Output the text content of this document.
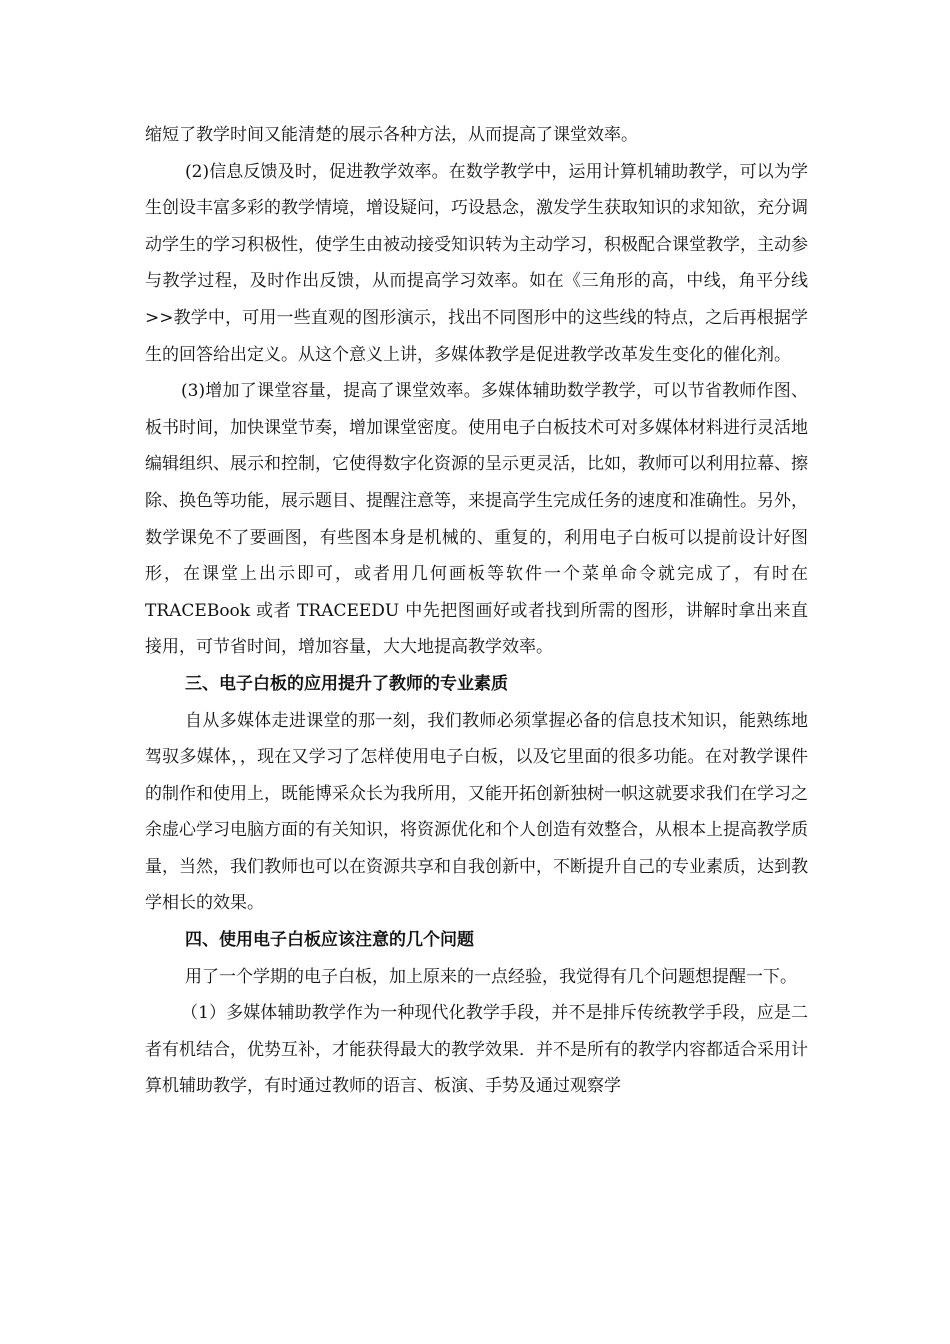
缩短了教学时间又能清楚的展示各种方法，从而提高了课堂效率。

(2)信息反馈及时，促进教学效率。在数学教学中，运用计算机辅助教学，可以为学生创设丰富多彩的教学情境，增设疑问，巧设悬念，激发学生获取知识的求知欲，充分调动学生的学习积极性，使学生由被动接受知识转为主动学习，积极配合课堂教学，主动参与教学过程，及时作出反馈，从而提高学习效率。如在《三角形的高，中线，角平分线>>教学中，可用一些直观的图形演示，找出不同图形中的这些线的特点，之后再根据学生的回答给出定义。从这个意义上讲，多媒体教学是促进教学改革发生变化的催化剂。

(3)增加了课堂容量，提高了课堂效率。多媒体辅助数学教学，可以节省教师作图、板书时间，加快课堂节奏，增加课堂密度。使用电子白板技术可对多媒体材料进行灵活地编辑组织、展示和控制，它使得数字化资源的呈示更灵活，比如，教师可以利用拉幕、擦除、换色等功能，展示题目、提醒注意等，来提高学生完成任务的速度和准确性。另外，数学课免不了要画图，有些图本身是机械的、重复的，利用电子白板可以提前设计好图形，在课堂上出示即可，或者用几何画板等软件一个菜单命令就完成了，有时在 TRACEBook 或者 TRACEEDU 中先把图画好或者找到所需的图形，讲解时拿出来直接用，可节省时间，增加容量，大大地提高教学效率。

三、电子白板的应用提升了教师的专业素质

自从多媒体走进课堂的那一刻，我们教师必须掌握必备的信息技术知识，能熟练地驾驭多媒体，，现在又学习了怎样使用电子白板，以及它里面的很多功能。在对教学课件的制作和使用上，既能博采众长为我所用，又能开拓创新独树一帜这就要求我们在学习之余虚心学习电脑方面的有关知识，将资源优化和个人创造有效整合，从根本上提高教学质量，当然，我们教师也可以在资源共享和自我创新中，不断提升自己的专业素质，达到教学相长的效果。

四、使用电子白板应该注意的几个问题

用了一个学期的电子白板，加上原来的一点经验，我觉得有几个问题想提醒一下。

（1）多媒体辅助教学作为一种现代化教学手段，并不是排斥传统教学手段，应是二者有机结合，优势互补，才能获得最大的教学效果．并不是所有的教学内容都适合采用计算机辅助教学，有时通过教师的语言、板演、手势及通过观察学
